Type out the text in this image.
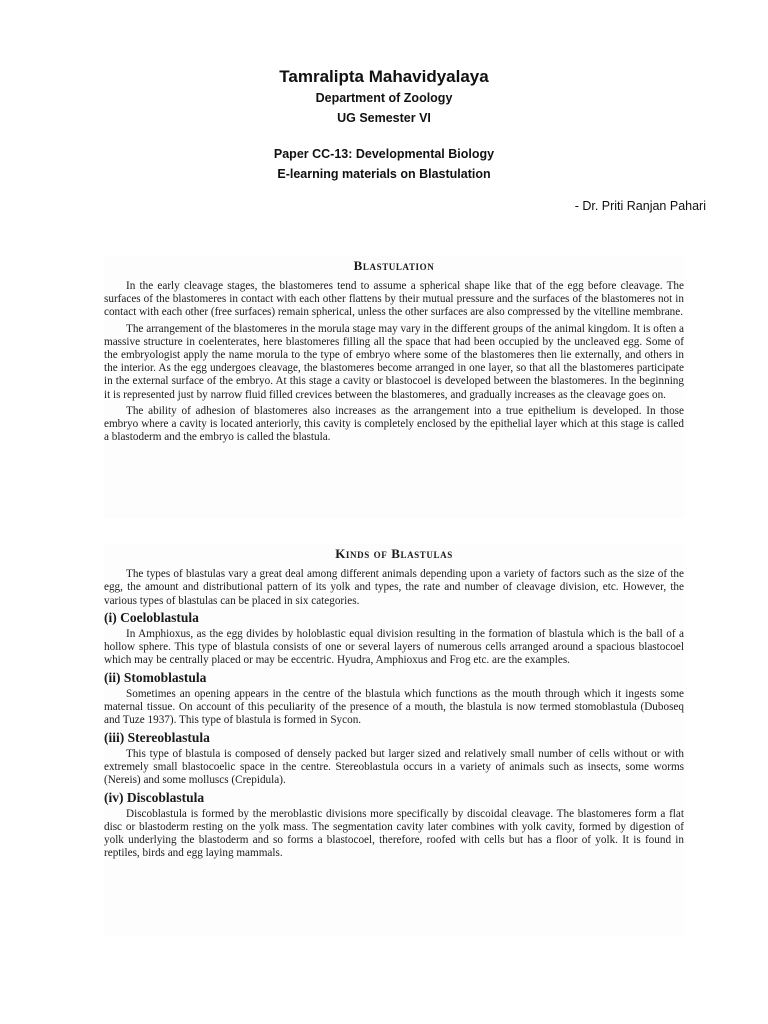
Tamralipta Mahavidyalaya
Department of Zoology
UG Semester VI
Paper CC-13: Developmental Biology
E-learning materials on Blastulation
- Dr. Priti Ranjan Pahari
Blastulation

In the early cleavage stages, the blastomeres tend to assume a spherical shape like that of the egg before cleavage. The surfaces of the blastomeres in contact with each other flattens by their mutual pressure and the surfaces of the blastomeres not in contact with each other (free surfaces) remain spherical, unless the other surfaces are also compressed by the vitelline membrane.

The arrangement of the blastomeres in the morula stage may vary in the different groups of the animal kingdom. It is often a massive structure in coelenterates, here blastomeres filling all the space that had been occupied by the uncleaved egg. Some of the embryologist apply the name morula to the type of embryo where some of the blastomeres then lie externally, and others in the interior. As the egg undergoes cleavage, the blastomeres become arranged in one layer, so that all the blastomeres participate in the external surface of the embryo. At this stage a cavity or blastocoel is developed between the blastomeres. In the beginning it is represented just by narrow fluid filled crevices between the blastomeres, and gradually increases as the cleavage goes on.

The ability of adhesion of blastomeres also increases as the arrangement into a true epithelium is developed. In those embryo where a cavity is located anteriorly, this cavity is completely enclosed by the epithelial layer which at this stage is called a blastoderm and the embryo is called the blastula.

Kinds of Blastulas

The types of blastulas vary a great deal among different animals depending upon a variety of factors such as the size of the egg, the amount and distributional pattern of its yolk and types, the rate and number of cleavage division, etc. However, the various types of blastulas can be placed in six categories.

(i) Coeloblastula

In Amphioxus, as the egg divides by holoblastic equal division resulting in the formation of blastula which is the ball of a hollow sphere. This type of blastula consists of one or several layers of numerous cells arranged around a spacious blastocoel which may be centrally placed or may be eccentric. Hyudra, Amphioxus and Frog etc. are the examples.

(ii) Stomoblastula

Sometimes an opening appears in the centre of the blastula which functions as the mouth through which it ingests some maternal tissue. On account of this peculiarity of the presence of a mouth, the blastula is now termed stomoblastula (Duboseq and Tuze 1937). This type of blastula is formed in Sycon.

(iii) Stereoblastula

This type of blastula is composed of densely packed but larger sized and relatively small number of cells without or with extremely small blastocoelic space in the centre. Stereoblastula occurs in a variety of animals such as insects, some worms (Nereis) and some molluscs (Crepidula).

(iv) Discoblastula

Discoblastula is formed by the meroblastic divisions more specifically by discoidal cleavage. The blastomeres form a flat disc or blastoderm resting on the yolk mass. The segmentation cavity later combines with yolk cavity, formed by digestion of yolk underlying the blastoderm and so forms a blastocoel, therefore, roofed with cells but has a floor of yolk. It is found in reptiles, birds and egg laying mammals.
